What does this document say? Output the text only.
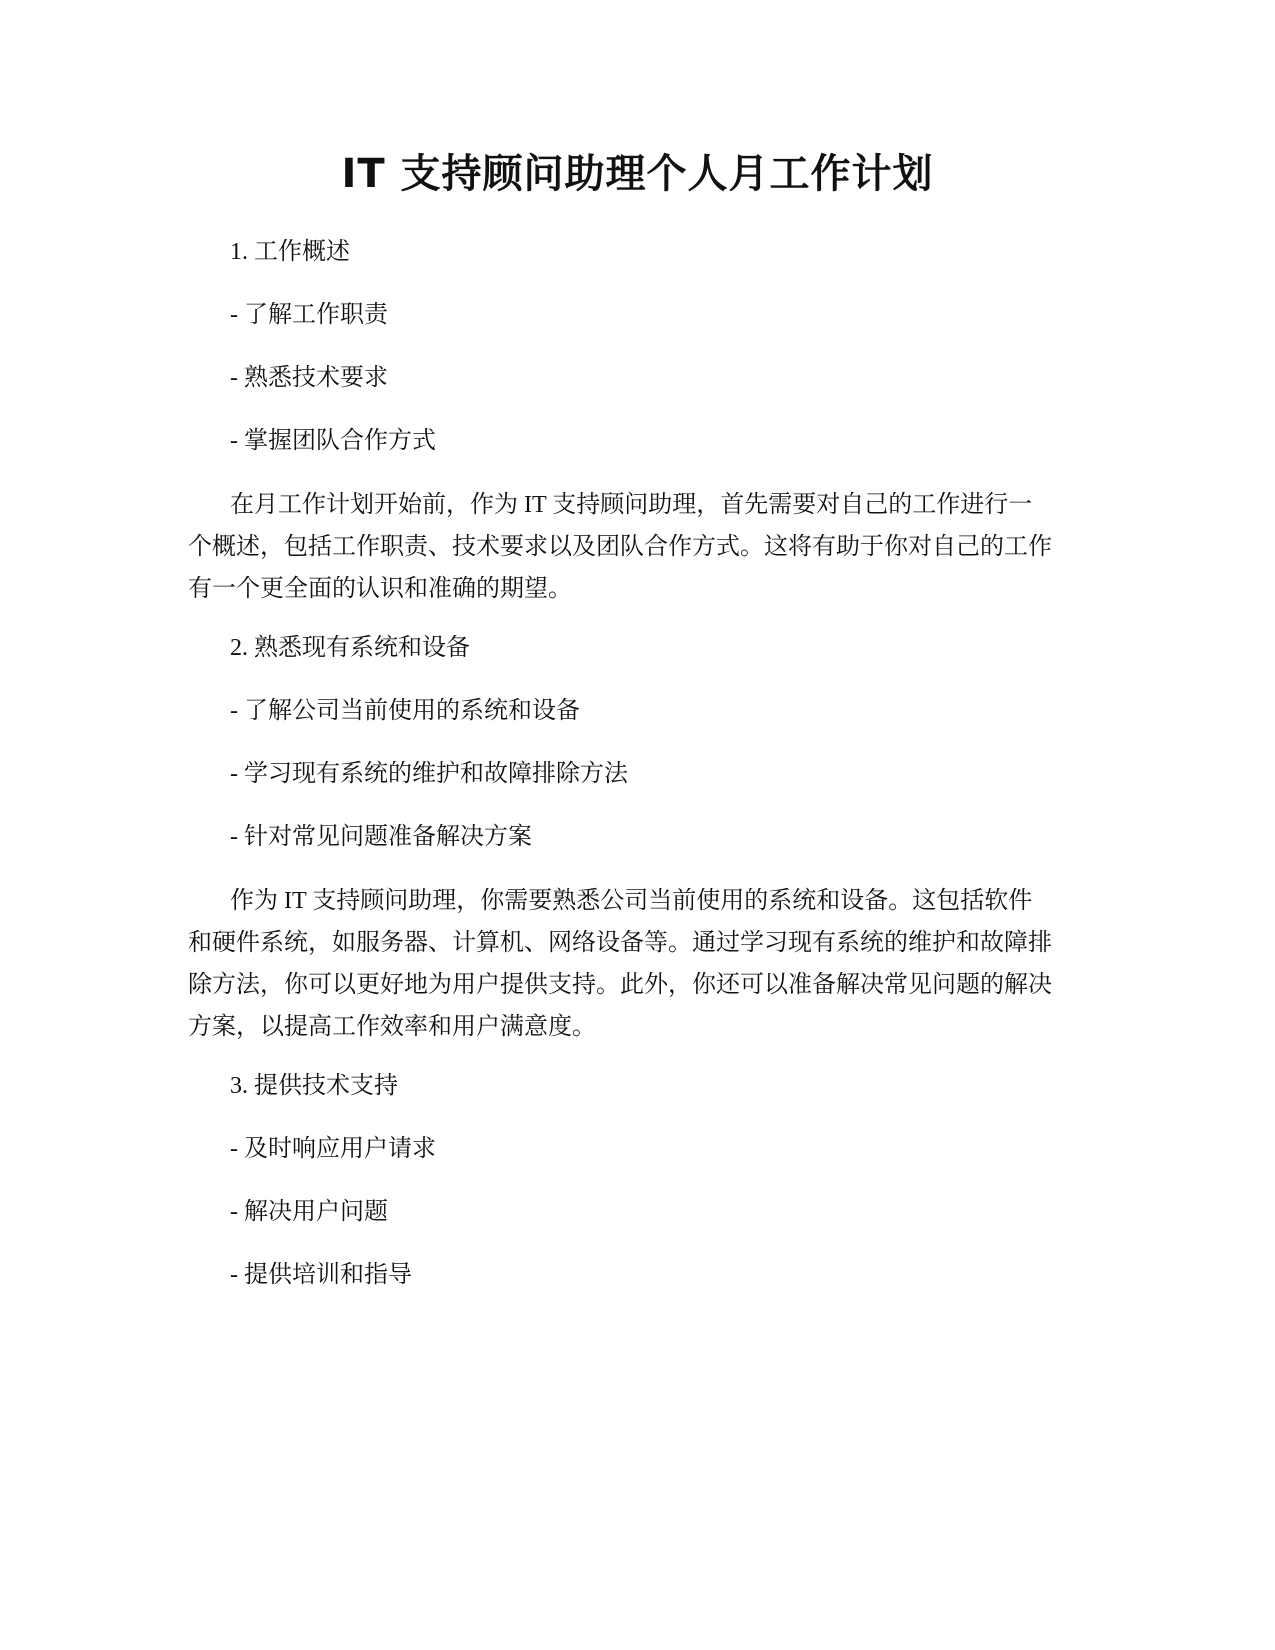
IT 支持顾问助理个人月工作计划

1. 工作概述

- 了解工作职责

- 熟悉技术要求

- 掌握团队合作方式

在月工作计划开始前，作为 IT 支持顾问助理，首先需要对自己的工作进行一
个概述，包括工作职责、技术要求以及团队合作方式。这将有助于你对自己的工作
有一个更全面的认识和准确的期望。

2. 熟悉现有系统和设备

- 了解公司当前使用的系统和设备

- 学习现有系统的维护和故障排除方法

- 针对常见问题准备解决方案

作为 IT 支持顾问助理，你需要熟悉公司当前使用的系统和设备。这包括软件
和硬件系统，如服务器、计算机、网络设备等。通过学习现有系统的维护和故障排
除方法，你可以更好地为用户提供支持。此外，你还可以准备解决常见问题的解决
方案，以提高工作效率和用户满意度。

3. 提供技术支持

- 及时响应用户请求

- 解决用户问题

- 提供培训和指导
